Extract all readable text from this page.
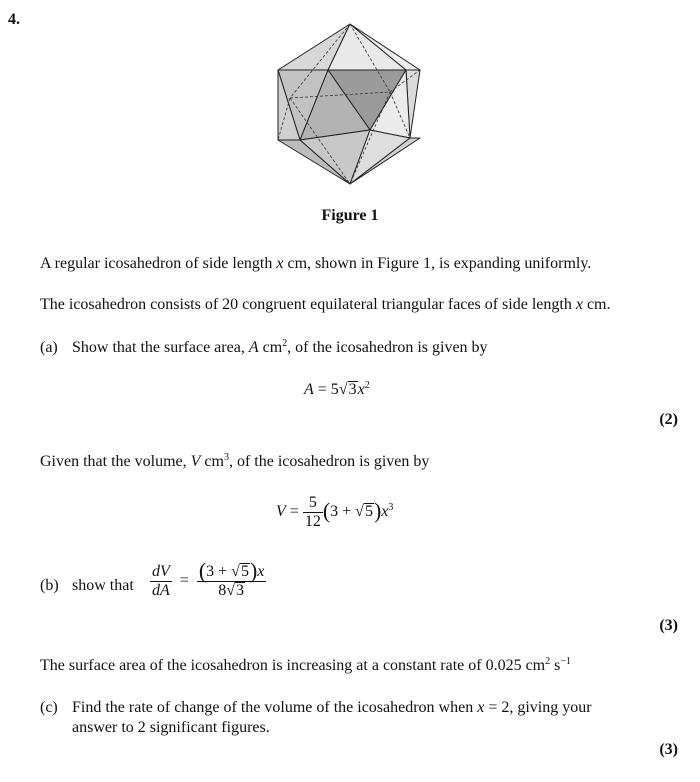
4.
Figure 1
A regular icosahedron of side length x cm, shown in Figure 1, is expanding uniformly.
The icosahedron consists of 20 congruent equilateral triangular faces of side length x cm.
(a) Show that the surface area, A $cm^2$, of the icosahedron is given by
$A = 5√3x^2$
(2)
Given that the volume, V $cm^3$, of the icosahedron is given by
$V = \frac{5}{12} (3 + √5)x^3$
(b) show that $\frac{dV}{dA} = \frac{(3 + √5)x}{8√3}$
(3)
The surface area of the icosahedron is increasing at a constant rate of 0.025 $cm^2$ $s^{-1}$
(c) Find the rate of change of the volume of the icosahedron when x = 2, giving your
answer to 2 significant figures.
(3)
